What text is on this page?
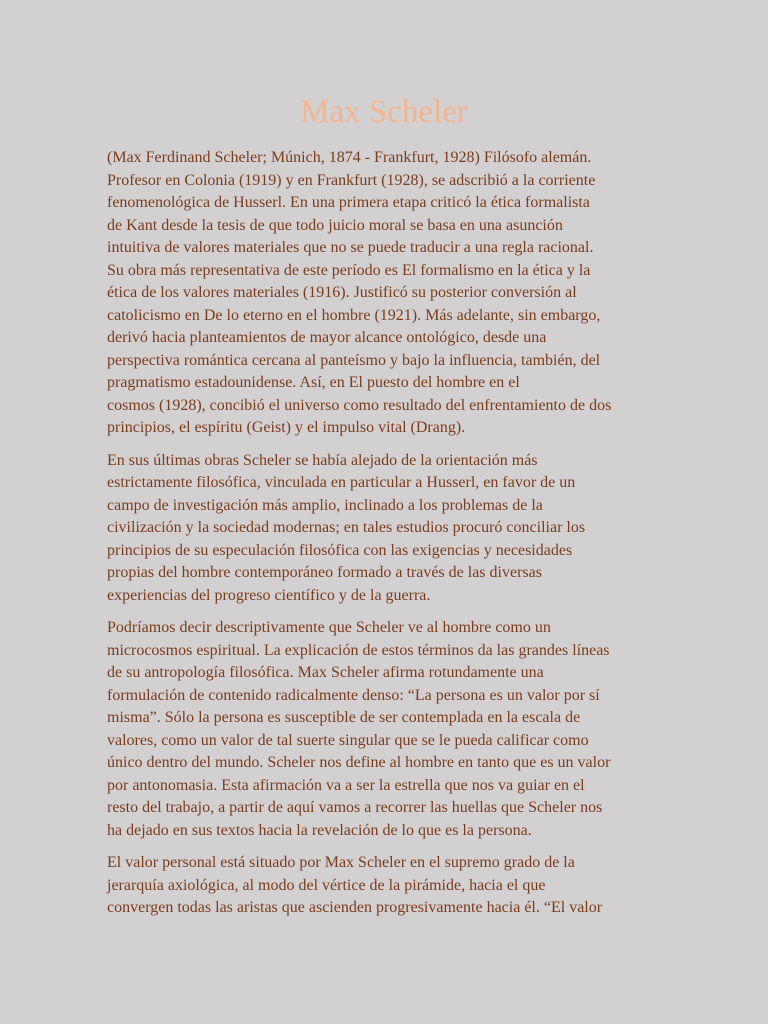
Max Scheler

(Max Ferdinand Scheler; Múnich, 1874 - Frankfurt, 1928) Filósofo alemán.
Profesor en Colonia (1919) y en Frankfurt (1928), se adscribió a la corriente
fenomenológica de Husserl. En una primera etapa criticó la ética formalista
de Kant desde la tesis de que todo juicio moral se basa en una asunción
intuitiva de valores materiales que no se puede traducir a una regla racional.
Su obra más representativa de este período es El formalismo en la ética y la
ética de los valores materiales (1916). Justificó su posterior conversión al
catolicismo en De lo eterno en el hombre (1921). Más adelante, sin embargo,
derivó hacia planteamientos de mayor alcance ontológico, desde una
perspectiva romántica cercana al panteísmo y bajo la influencia, también, del
pragmatismo estadounidense. Así, en El puesto del hombre en el
cosmos (1928), concibió el universo como resultado del enfrentamiento de dos
principios, el espíritu (Geist) y el impulso vital (Drang).

En sus últimas obras Scheler se había alejado de la orientación más
estrictamente filosófica, vinculada en particular a Husserl, en favor de un
campo de investigación más amplio, inclinado a los problemas de la
civilización y la sociedad modernas; en tales estudios procuró conciliar los
principios de su especulación filosófica con las exigencias y necesidades
propias del hombre contemporáneo formado a través de las diversas
experiencias del progreso científico y de la guerra.

Podríamos decir descriptivamente que Scheler ve al hombre como un
microcosmos espiritual. La explicación de estos términos da las grandes líneas
de su antropología filosófica. Max Scheler afirma rotundamente una
formulación de contenido radicalmente denso: “La persona es un valor por sí
misma”. Sólo la persona es susceptible de ser contemplada en la escala de
valores, como un valor de tal suerte singular que se le pueda calificar como
único dentro del mundo. Scheler nos define al hombre en tanto que es un valor
por antonomasia. Esta afirmación va a ser la estrella que nos va guiar en el
resto del trabajo, a partir de aquí vamos a recorrer las huellas que Scheler nos
ha dejado en sus textos hacia la revelación de lo que es la persona.

El valor personal está situado por Max Scheler en el supremo grado de la
jerarquía axiológica, al modo del vértice de la pirámide, hacia el que
convergen todas las aristas que ascienden progresivamente hacia él. “El valor
